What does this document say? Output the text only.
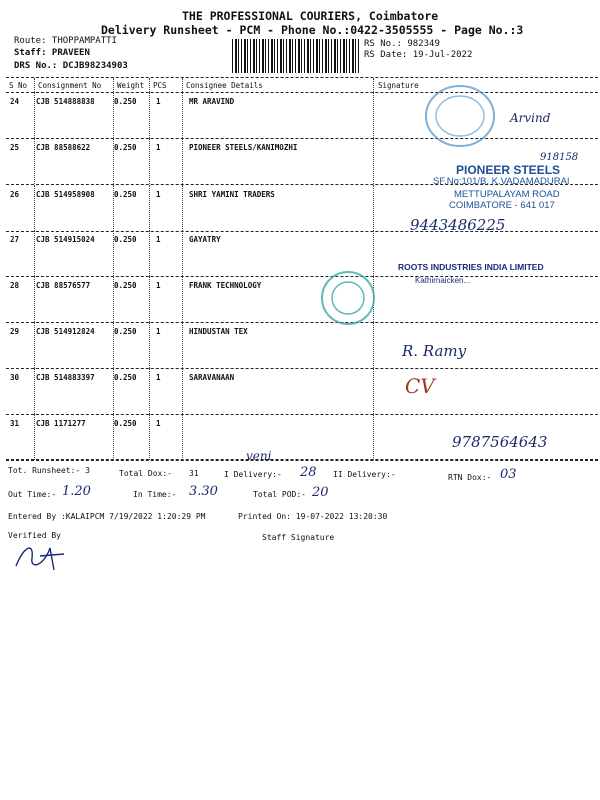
THE PROFESSIONAL COURIERS, Coimbatore
Delivery Runsheet - PCM - Phone No.:0422-3505555 - Page No.:3
Route: THOPPAMPATTI
Staff: PRAVEEN
DRS No.: DCJB98234903
RS No.: 982349
RS Date: 19-Jul-2022
S No Consignment No Weight PCS	Consignee Details	Signature
24 CJB 514888838	0.250	1	MR ARAVIND
25 CJB 88588622	0.250	1	PIONEER STEELS/KANIMOZHI
26 CJB 514958908	0.250	1	SHRI YAMINI TRADERS
27 CJB 514915024	0.250	1	GAYATRY
28 CJB 88576577	0.250	1	FRANK TECHNOLOGY
29 CJB 514912824	0.250	1	HINDUSTAN TEX
30 CJB 514883397	0.250	1	SARAVANAAN
31 CJB 1171277	0.250	1
Arvind
918158
PIONEER STEELS
SF.No:101/B, K.VADAMADURAI
METTUPALAYAM ROAD
COIMBATORE - 641 017
9443486225
ROOTS INDUSTRIES INDIA LIMITED
Kathirnaicken...
R. Ramy
CV
9787564643
veni
Tot. Runsheet:- 3	Total Dox:- 31	I Delivery:- 28 II Delivery:-	RTN Dox:- 03
Out Time:- 1.20	In Time:- 3.30	Total POD:- 20
Entered By :KALAIPCM 7/19/2022 1:20:29 PM	Printed On: 19-07-2022 13:20:30
Verified By	Staff Signature
